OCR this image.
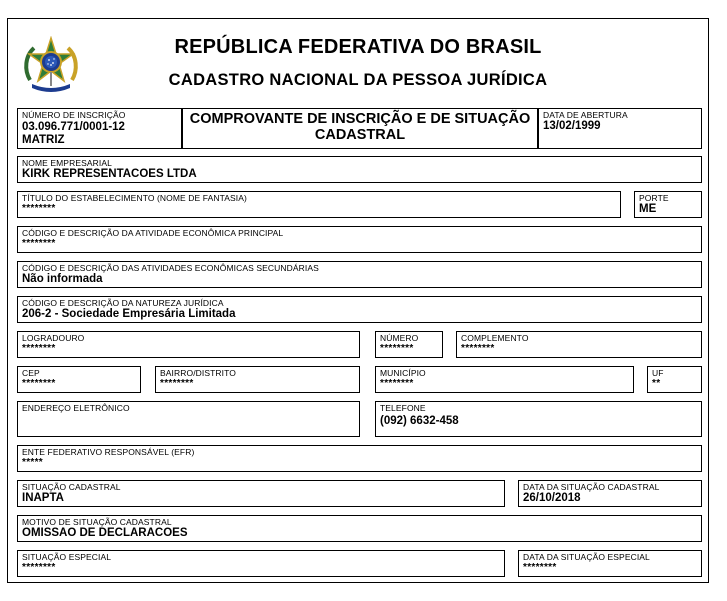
REPÚBLICA FEDERATIVA DO BRASIL
CADASTRO NACIONAL DA PESSOA JURÍDICA
NÚMERO DE INSCRIÇÃO
03.096.771/0001-12
MATRIZ
COMPROVANTE DE INSCRIÇÃO E DE SITUAÇÃO
CADASTRAL
DATA DE ABERTURA
13/02/1999
NOME EMPRESARIAL
KIRK REPRESENTACOES LTDA
TÍTULO DO ESTABELECIMENTO (NOME DE FANTASIA)
********
PORTE
ME
CÓDIGO E DESCRIÇÃO DA ATIVIDADE ECONÔMICA PRINCIPAL
********
CÓDIGO E DESCRIÇÃO DAS ATIVIDADES ECONÔMICAS SECUNDÁRIAS
Não informada
CÓDIGO E DESCRIÇÃO DA NATUREZA JURÍDICA
206-2 - Sociedade Empresária Limitada
LOGRADOURO
********
NÚMERO
********
COMPLEMENTO
********
CEP
********
BAIRRO/DISTRITO
********
MUNICÍPIO
********
UF
**
ENDEREÇO ELETRÔNICO	TELEFONE
(092) 6632-458
ENTE FEDERATIVO RESPONSÁVEL (EFR)
*****
SITUAÇÃO CADASTRAL
INAPTA
DATA DA SITUAÇÃO CADASTRAL
26/10/2018
MOTIVO DE SITUAÇÃO CADASTRAL
OMISSAO DE DECLARACOES
SITUAÇÃO ESPECIAL
********
DATA DA SITUAÇÃO ESPECIAL
********
